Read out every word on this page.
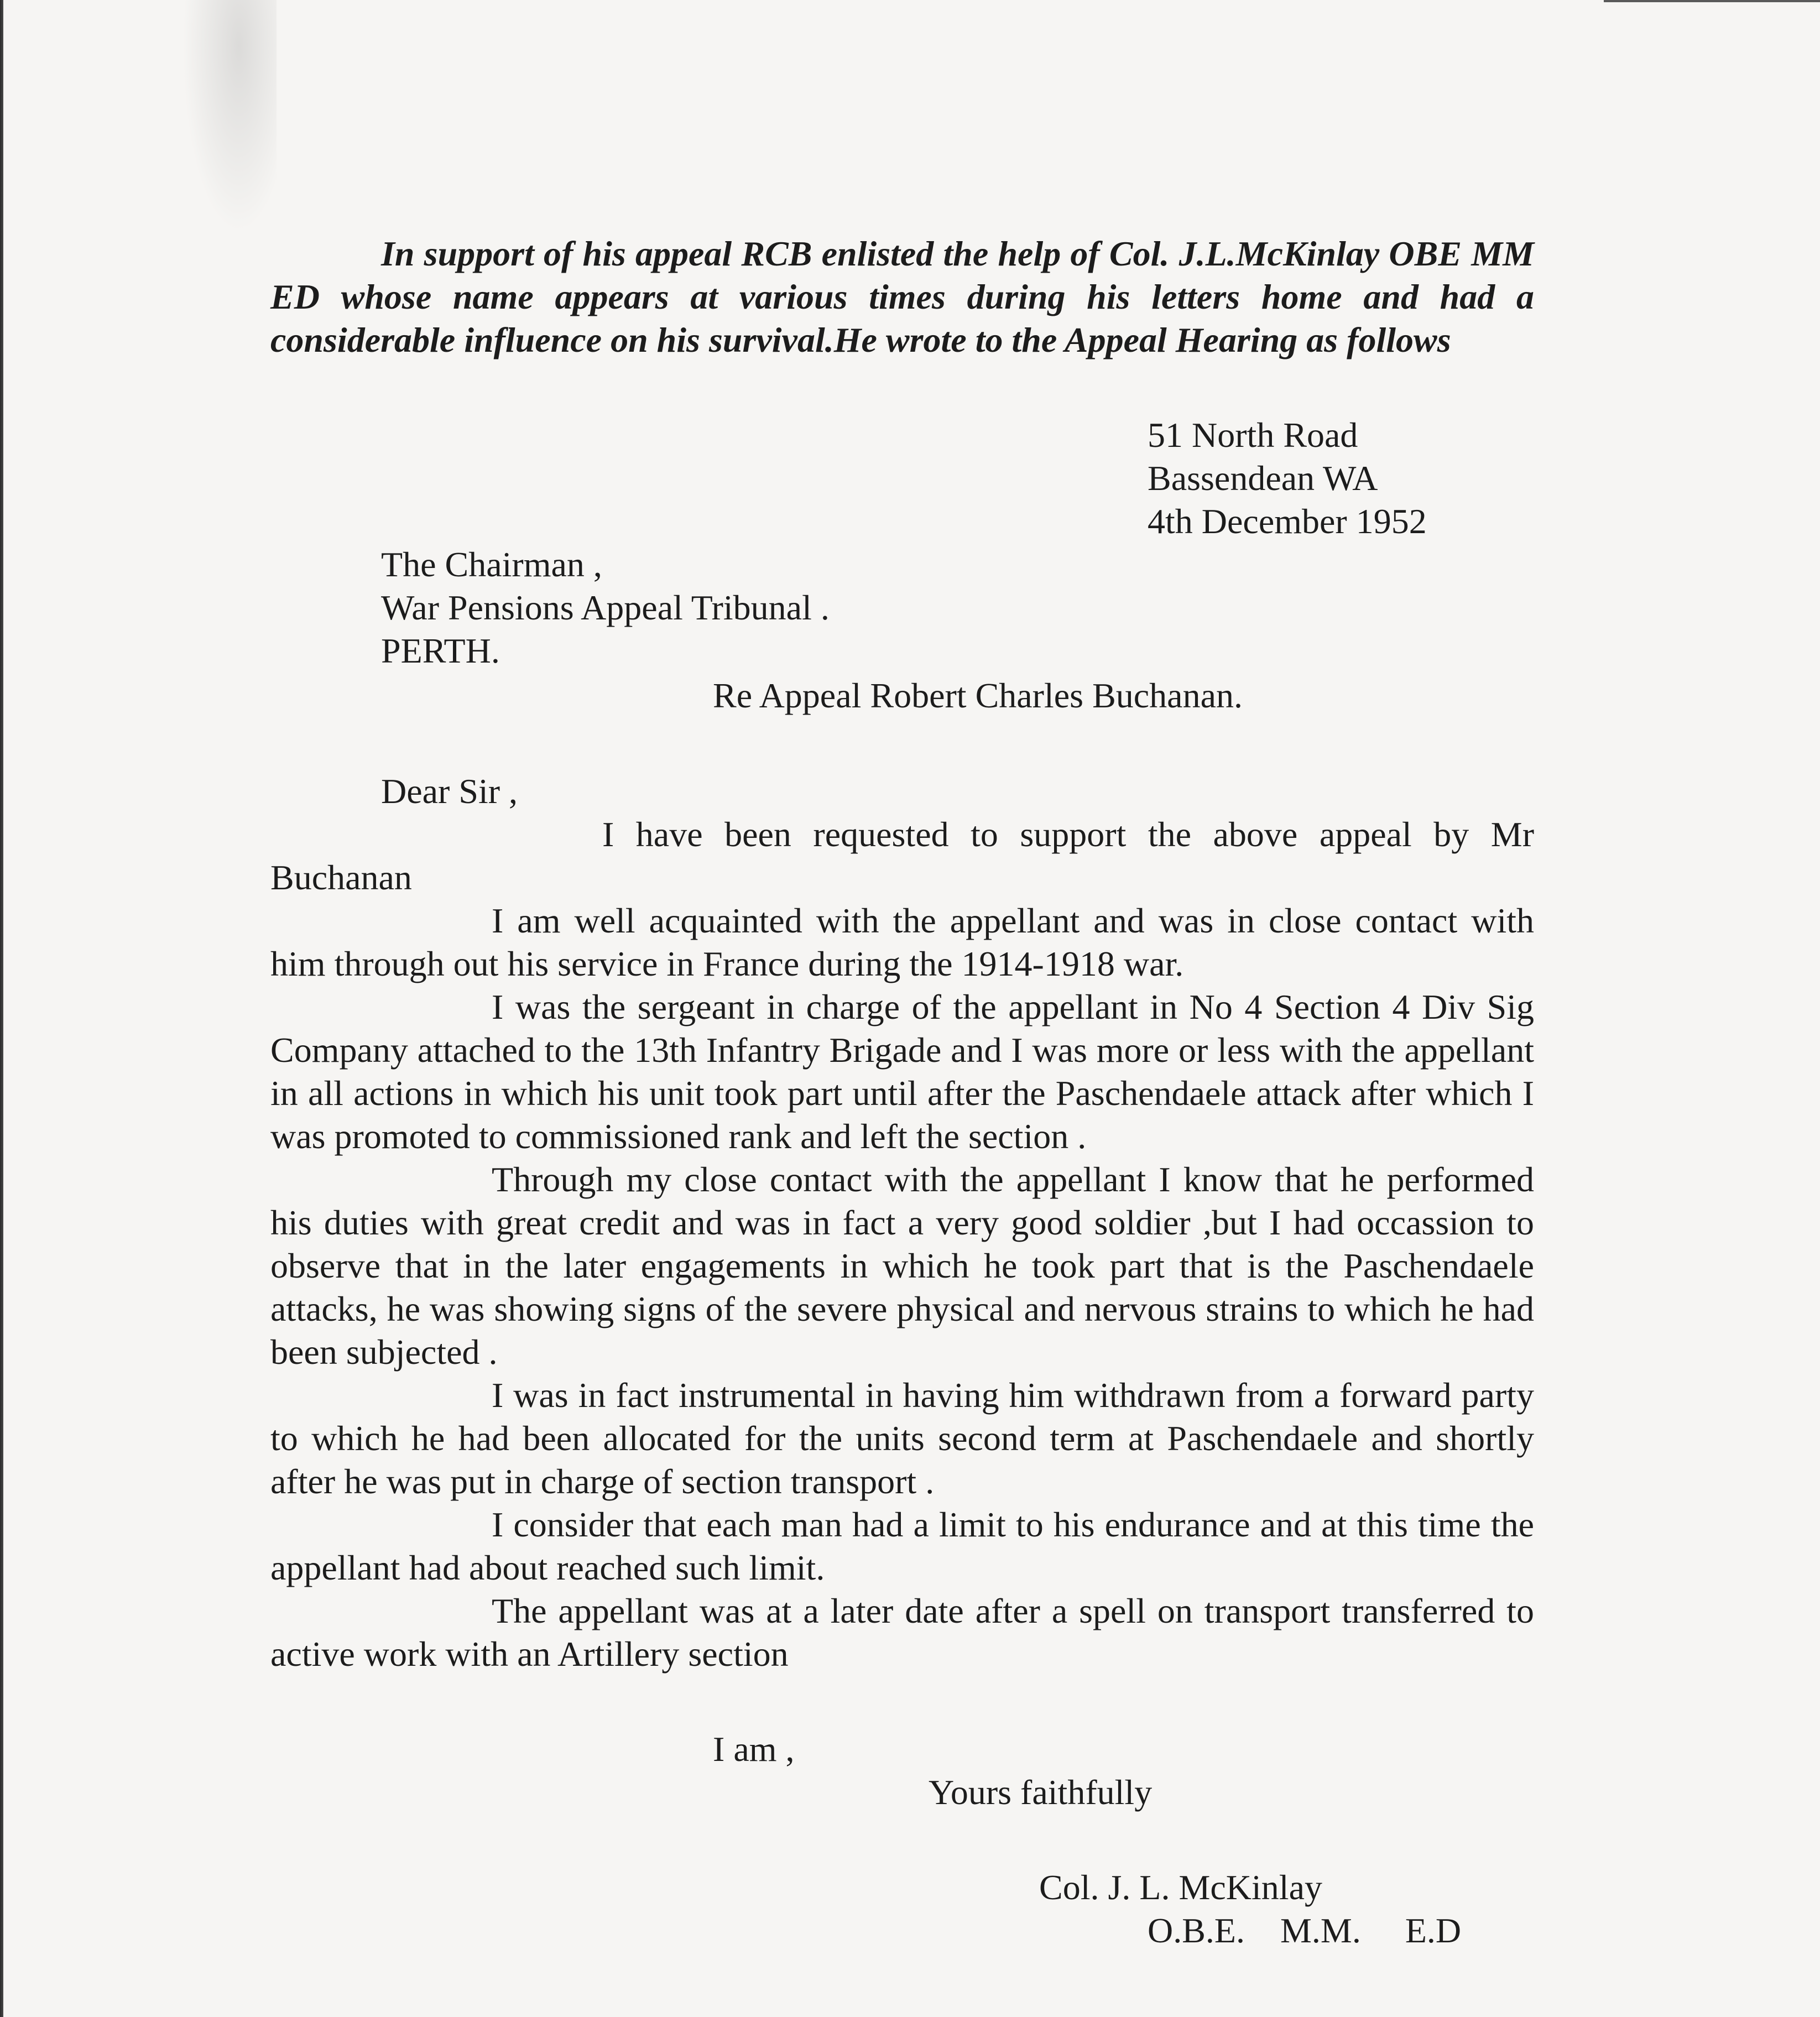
In support of his appeal RCB enlisted the help of Col. J.L.McKinlay OBE MM ED whose name appears at various times during his letters home and had a considerable influence on his survival.He wrote to the Appeal Hearing as follows

51 North Road
Bassendean WA
4th December 1952
The Chairman ,
War Pensions Appeal Tribunal .
PERTH.
Re Appeal Robert Charles Buchanan.
Dear Sir ,

I have been requested to support the above appeal by Mr Buchanan

I am well acquainted with the appellant and was in close contact with him through out his service in France during the 1914-1918 war.

I was the sergeant in charge of the appellant in No 4 Section 4 Div Sig Company attached to the 13th Infantry Brigade and I was more or less with the appellant in all actions in which his unit took part until after the Paschendaele attack after which I was promoted to commissioned rank and left the section .

Through my close contact with the appellant I know that he performed his duties with great credit and was in fact a very good soldier ,but I had occassion to observe that in the later engagements in which he took part that is the Paschendaele attacks, he was showing signs of the severe physical and nervous strains to which he had been subjected .

I was in fact instrumental in having him withdrawn from a forward party to which he had been allocated for the units second term at Paschendaele and shortly after he was put in charge of section transport .

I consider that each man had a limit to his endurance and at this time the appellant had about reached such limit.

The appellant was at a later date after a spell on transport transferred to active work with an Artillery section

I am ,
Yours faithfully
Col. J. L. McKinlay
O.B.E.    M.M.     E.D
